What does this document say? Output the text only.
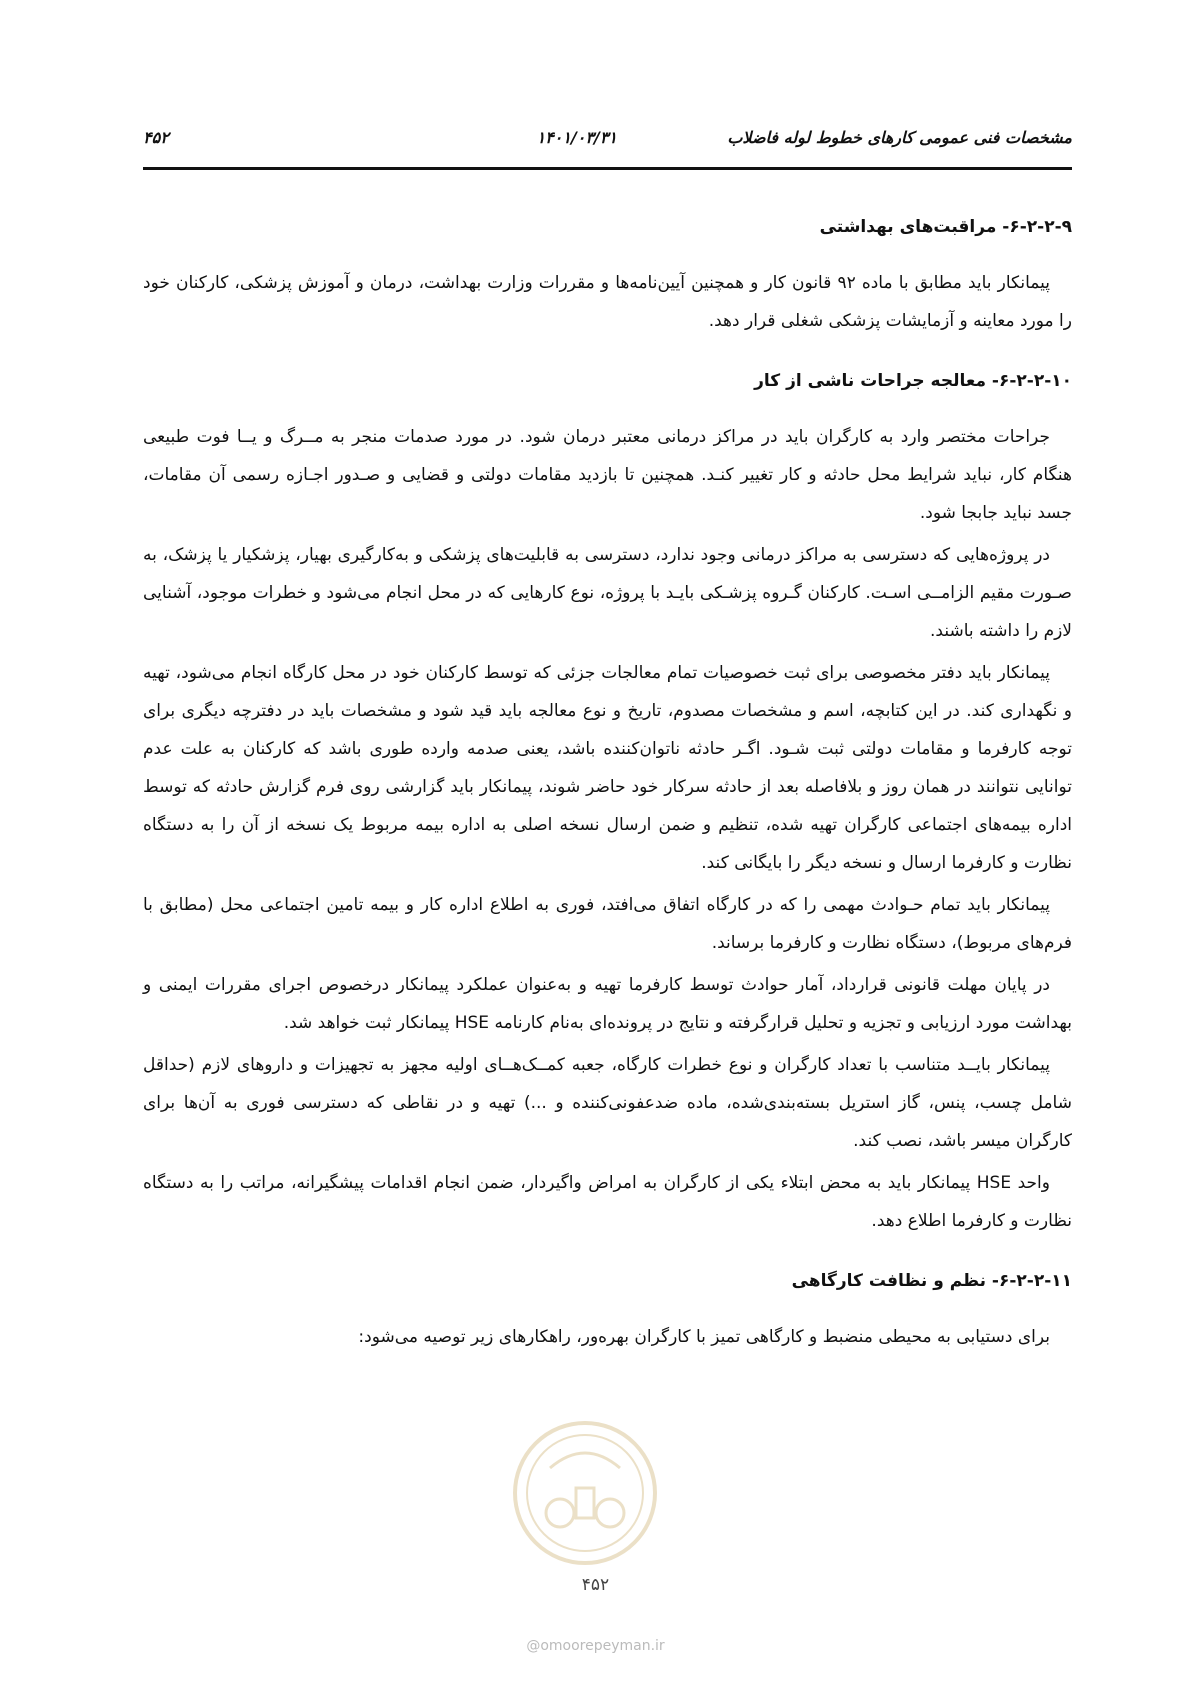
مشخصات فنی عمومی کارهای خطوط لوله فاضلاب
۱۴۰۱/۰۳/۳۱
۴۵۲
۶-۲-۲-۹- مراقبت‌های بهداشتی

پیمانکار باید مطابق با ماده ۹۲ قانون کار و همچنین آیین‌نامه‌ها و مقررات وزارت بهداشت، درمان و آموزش پزشکی، کارکنان خود را مورد معاینه و آزمایشات پزشکی شغلی قرار دهد.

۶-۲-۲-۱۰- معالجه جراحات ناشی از کار

جراحات مختصر وارد به کارگران باید در مراکز درمانی معتبر درمان شود. در مورد صدمات منجر به مــرگ و یــا فوت طبیعی هنگام کار، نباید شرایط محل حادثه و کار تغییر کنـد. همچنین تا بازدید مقامات دولتی و قضایی و صـدور اجـازه رسمی آن مقامات، جسد نباید جابجا شود.

در پروژه‌هایی که دسترسی به مراکز درمانی وجود ندارد، دسترسی به قابلیت‌های پزشکی و به‌کارگیری بهیار، پزشکیار یا پزشک، به صـورت مقیم الزامــی اسـت. کارکنان گـروه پزشـکی بایـد با پروژه، نوع کارهایی که در محل انجام می‌شود و خطرات موجود، آشنایی لازم را داشته باشند.

پیمانکار باید دفتر مخصوصی برای ثبت خصوصیات تمام معالجات جزئی که توسط کارکنان خود در محل کارگاه انجام می‌شود، تهیه و نگهداری کند. در این کتابچه، اسم و مشخصات مصدوم، تاریخ و نوع معالجه باید قید شود و مشخصات باید در دفترچه دیگری برای توجه کارفرما و مقامات دولتی ثبت شـود. اگـر حادثه ناتوان‌کننده باشد، یعنی صدمه وارده طوری باشد که کارکنان به علت عدم توانایی نتوانند در همان روز و بلافاصله بعد از حادثه سرکار خود حاضر شوند، پیمانکار باید گزارشی روی فرم گزارش حادثه که توسط اداره بیمه‌های اجتماعی کارگران تهیه شده، تنظیم و ضمن ارسال نسخه اصلی به اداره بیمه مربوط یک نسخه از آن را به دستگاه نظارت و کارفرما ارسال و نسخه دیگر را بایگانی کند.

پیمانکار باید تمام حـوادث مهمی را که در کارگاه اتفاق می‌افتد، فوری به اطلاع اداره کار و بیمه تامین اجتماعی محل (مطابق با فرم‌های مربوط)، دستگاه نظارت و کارفرما برساند.

در پایان مهلت قانونی قرارداد، آمار حوادث توسط کارفرما تهیه و به‌عنوان عملکرد پیمانکار درخصوص اجرای مقررات ایمنی و بهداشت مورد ارزیابی و تجزیه و تحلیل قرارگرفته و نتایج در پرونده‌ای به‌نام کارنامه HSE پیمانکار ثبت خواهد شد.

پیمانکار بایــد متناسب با تعداد کارگران و نوع خطرات کارگاه، جعبه کمــک‌هــای اولیه مجهز به تجهیزات و داروهای لازم (حداقل شامل چسب، پنس، گاز استریل بسته‌بندی‌شده، ماده ضدعفونی‌کننده و ...) تهیه و در نقاطی که دسترسی فوری به آن‌ها برای کارگران میسر باشد، نصب کند.

واحد HSE پیمانکار باید به محض ابتلاء یکی از کارگران به امراض واگیردار، ضمن انجام اقدامات پیشگیرانه، مراتب را به دستگاه نظارت و کارفرما اطلاع دهد.

۶-۲-۲-۱۱- نظم و نظافت کارگاهی

برای دستیابی به محیطی منضبط و کارگاهی تمیز با کارگران بهره‌ور، راهکارهای زیر توصیه می‌شود:

۴۵۲
@omoorepeyman.ir
